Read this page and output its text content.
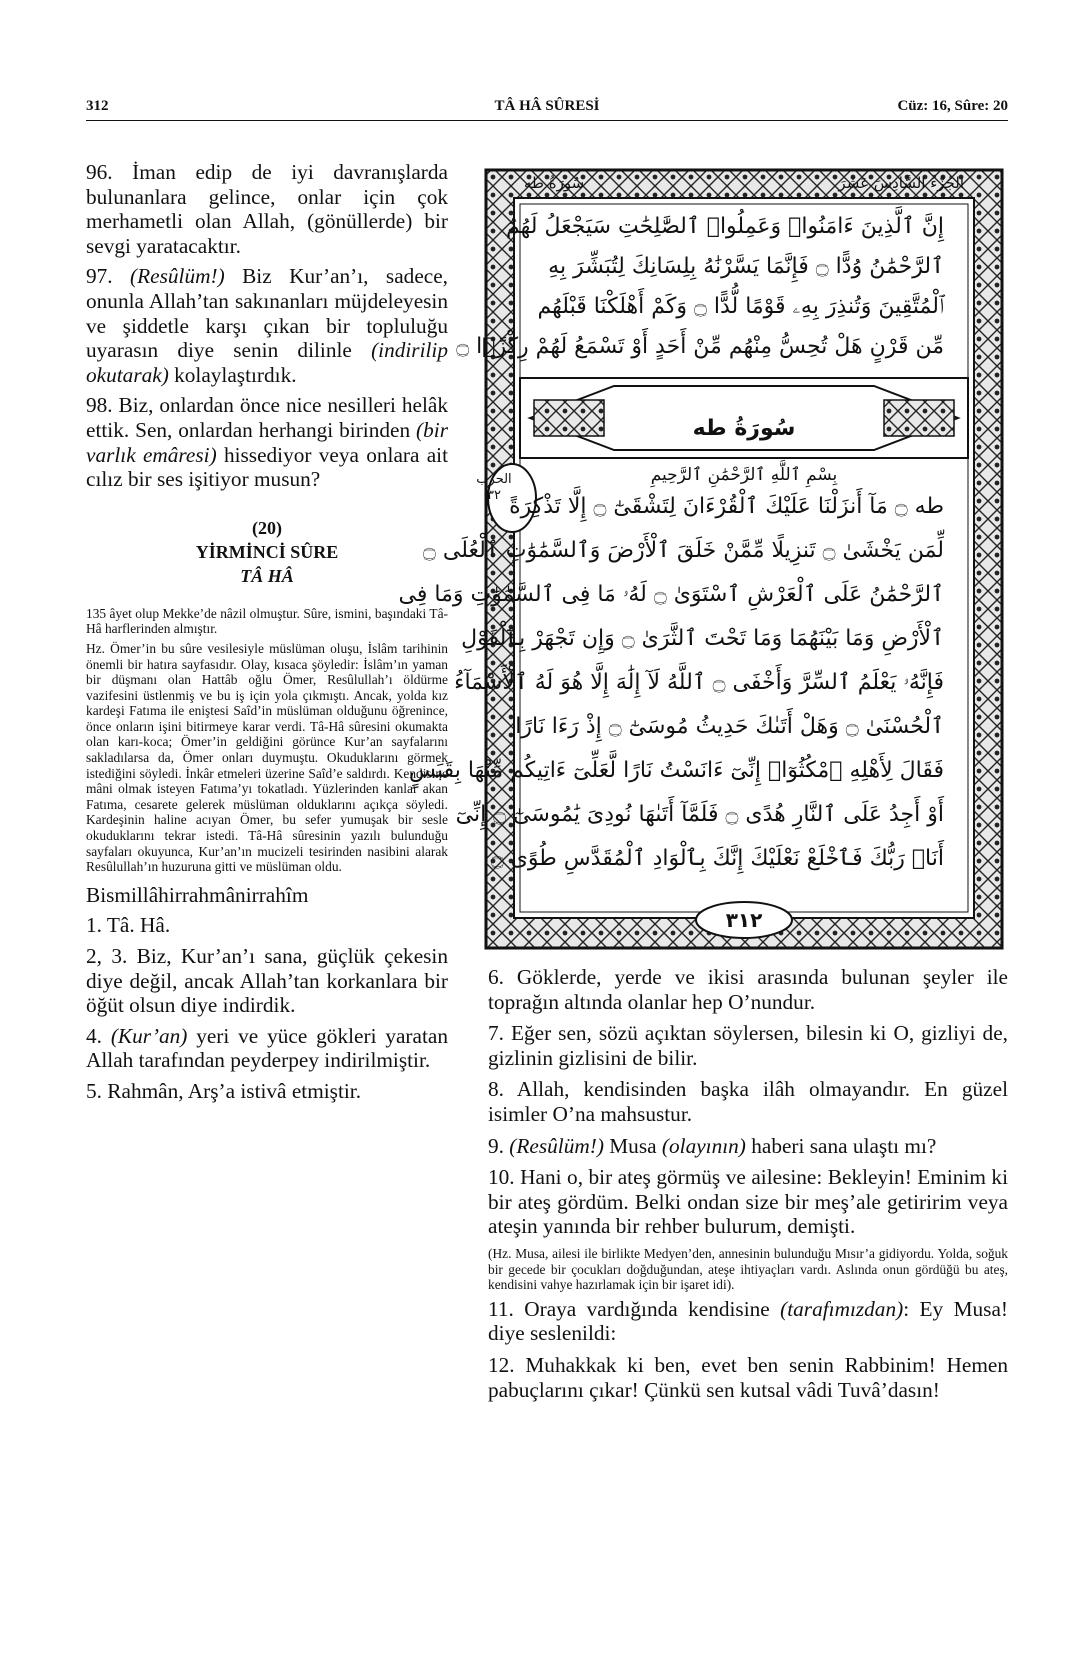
312	TÂ HÂ SÛRESİ	Cüz: 16, Sûre: 20

96. İman edip de iyi davranışlarda bulunanlara gelince, onlar için çok merhametli olan Allah, (gönüllerde) bir sevgi yaratacaktır.

97. (Resûlüm!) Biz Kur’an’ı, sadece, onunla Allah’tan sakınanları müjdeleyesin ve şiddetle karşı çıkan bir topluluğu uyarasın diye senin dilinle (indirilip okutarak) kolaylaştırdık.

98. Biz, onlardan önce nice nesilleri helâk ettik. Sen, onlardan herhangi birinden (bir varlık emâresi) hissediyor veya onlara ait cılız bir ses işitiyor musun?

(20)
YİRMİNCİ SÛRE
TÂ HÂ

135 âyet olup Mekke’de nâzil olmuştur. Sûre, ismini, başındaki Tâ-Hâ harflerinden almıştır.

Hz. Ömer’in bu sûre vesilesiyle müslüman oluşu, İslâm tarihinin önemli bir hatıra sayfasıdır. Olay, kısaca şöyledir: İslâm’ın yaman bir düşmanı olan Hattâb oğlu Ömer, Resûlullah’ı öldürme vazifesini üstlenmiş ve bu iş için yola çıkmıştı. Ancak, yolda kız kardeşi Fatıma ile eniştesi Saîd’in müslüman olduğunu öğrenince, önce onların işini bitirmeye karar verdi. Tâ-Hâ sûresini okumakta olan karı-koca; Ömer’in geldiğini görünce Kur’an sayfalarını sakladılarsa da, Ömer onları duymuştu. Okuduklarını görmek istediğini söyledi. İnkâr etmeleri üzerine Saîd’e saldırdı. Kendisine mâni olmak isteyen Fatıma’yı tokatladı. Yüzlerinden kanlar akan Fatıma, cesarete gelerek müslüman olduklarını açıkça söyledi. Kardeşinin haline acıyan Ömer, bu sefer yumuşak bir sesle okuduklarını tekrar istedi. Tâ-Hâ sûresinin yazılı bulunduğu sayfaları okuyunca, Kur’an’ın mucizeli tesirinden nasibini alarak Resûlullah’ın huzuruna gitti ve müslüman oldu.

Bismillâhirrahmânirrahîm

1. Tâ. Hâ.

2, 3. Biz, Kur’an’ı sana, güçlük çekesin diye değil, ancak Allah’tan korkanlara bir öğüt olsun diye indirdik.

4. (Kur’an) yeri ve yüce gökleri yaratan Allah tarafından peyderpey indirilmiştir.

5. Rahmân, Arş’a istivâ etmiştir.

سُورَةُ طه	الجُزْءُ السَّادِسَ عَشَرَ
إِنَّ ٱلَّذِينَ ءَامَنُوا۟ وَعَمِلُوا۟ ٱلصَّٰلِحَٰتِ سَيَجْعَلُ لَهُمُ
ٱلرَّحْمَٰنُ وُدًّا ۝ فَإِنَّمَا يَسَّرْنَٰهُ بِلِسَانِكَ لِتُبَشِّرَ بِهِ
ٱلْمُتَّقِينَ وَتُنذِرَ بِهِۦ قَوْمًا لُّدًّا ۝ وَكَمْ أَهْلَكْنَا قَبْلَهُم
مِّن قَرْنٍ هَلْ تُحِسُّ مِنْهُم مِّنْ أَحَدٍ أَوْ تَسْمَعُ لَهُمْ رِكْزًۢا ۝
سُورَةُ طه
بِسْمِ ٱللَّهِ ٱلرَّحْمَٰنِ ٱلرَّحِيمِ
الحزب ٣٢ طه ۝ مَآ أَنزَلْنَا عَلَيْكَ ٱلْقُرْءَانَ لِتَشْقَىٰٓ ۝ إِلَّا تَذْكِرَةً
لِّمَن يَخْشَىٰ ۝ تَنزِيلًا مِّمَّنْ خَلَقَ ٱلْأَرْضَ وَٱلسَّمَٰوَٰتِ ٱلْعُلَى ۝
ٱلرَّحْمَٰنُ عَلَى ٱلْعَرْشِ ٱسْتَوَىٰ ۝ لَهُۥ مَا فِى ٱلسَّمَٰوَٰتِ وَمَا فِى
ٱلْأَرْضِ وَمَا بَيْنَهُمَا وَمَا تَحْتَ ٱلثَّرَىٰ ۝ وَإِن تَجْهَرْ بِٱلْقَوْلِ
فَإِنَّهُۥ يَعْلَمُ ٱلسِّرَّ وَأَخْفَى ۝ ٱللَّهُ لَآ إِلَٰهَ إِلَّا هُوَ لَهُ ٱلْأَسْمَآءُ
ٱلْحُسْنَىٰ ۝ وَهَلْ أَتَىٰكَ حَدِيثُ مُوسَىٰٓ ۝ إِذْ رَءَا نَارًا
فَقَالَ لِأَهْلِهِ ٱمْكُثُوٓا۟ إِنِّىٓ ءَانَسْتُ نَارًا لَّعَلِّىٓ ءَاتِيكُم مِّنْهَا بِقَبَسٍ
أَوْ أَجِدُ عَلَى ٱلنَّارِ هُدًى ۝ فَلَمَّآ أَتَىٰهَا نُودِىَ يَٰمُوسَىٰٓ ۝ إِنِّىٓ
أَنَا۠ رَبُّكَ فَٱخْلَعْ نَعْلَيْكَ إِنَّكَ بِٱلْوَادِ ٱلْمُقَدَّسِ طُوًى ۝
٣١٢

6. Göklerde, yerde ve ikisi arasında bulunan şeyler ile toprağın altında olanlar hep O’nundur.

7. Eğer sen, sözü açıktan söylersen, bilesin ki O, gizliyi de, gizlinin gizlisini de bilir.

8. Allah, kendisinden başka ilâh olmayandır. En güzel isimler O’na mahsustur.

9. (Resûlüm!) Musa (olayının) haberi sana ulaştı mı?

10. Hani o, bir ateş görmüş ve ailesine: Bekleyin! Eminim ki bir ateş gördüm. Belki ondan size bir meş’ale getiririm veya ateşin yanında bir rehber bulurum, demişti.

(Hz. Musa, ailesi ile birlikte Medyen’den, annesinin bulunduğu Mısır’a gidiyordu. Yolda, soğuk bir gecede bir çocukları doğduğundan, ateşe ihtiyaçları vardı. Aslında onun gördüğü bu ateş, kendisini vahye hazırlamak için bir işaret idi).

11. Oraya vardığında kendisine (tarafımızdan): Ey Musa! diye seslenildi:

12. Muhakkak ki ben, evet ben senin Rabbinim! Hemen pabuçlarını çıkar! Çünkü sen kutsal vâdi Tuvâ’dasın!
